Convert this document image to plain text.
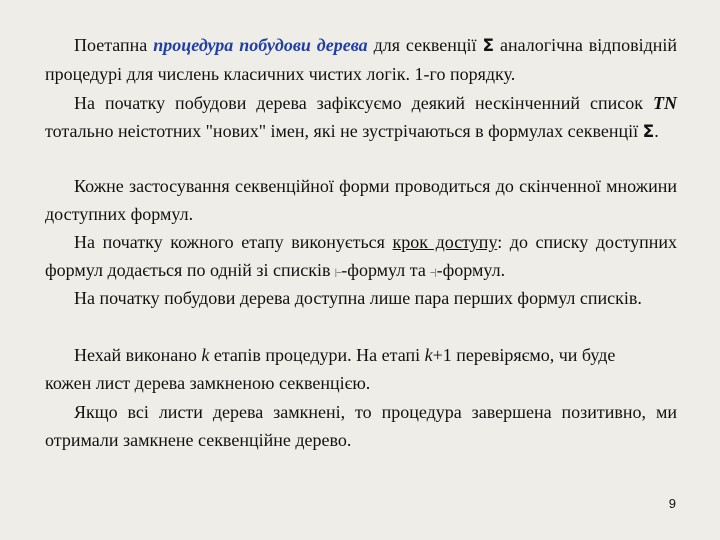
Поетапна процедура побудови дерева для секвенції Σ аналогічна відповідній процедурі для числень класичних чистих логік. 1-го порядку.

На початку побудови дерева зафіксуємо деякий нескінченний список TN тотально неістотних "нових" імен, які не зустрічаються в формулах секвенції Σ.

Кожне застосування секвенційної форми проводиться до скінченної множини доступних формул.

На початку кожного етапу виконується крок доступу: до списку доступних формул додається по одній зі списків |–-формул та –|-формул.

На початку побудови дерева доступна лише пара перших формул списків.

Нехай виконано k етапів процедури. На етапі k+1 перевіряємо, чи буде кожен лист дерева замкненою секвенцією.

Якщо всі листи дерева замкнені, то процедура завершена позитивно, ми отримали замкнене секвенційне дерево.

9
